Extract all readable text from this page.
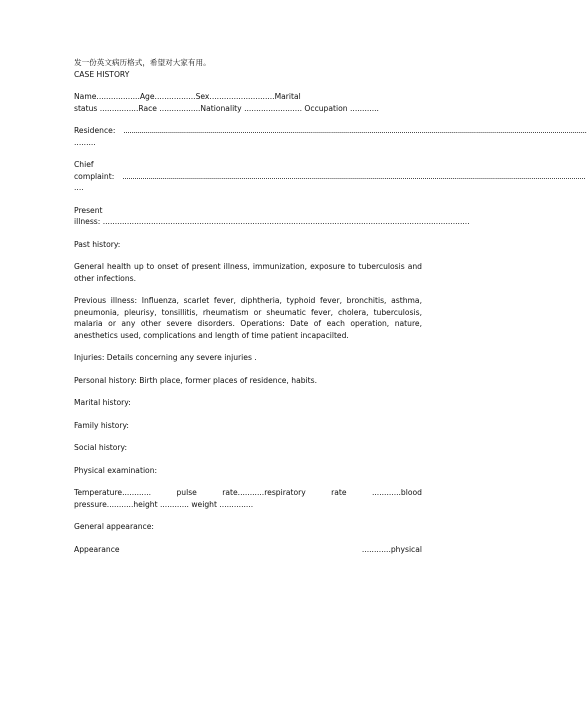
发一份英文病历格式，希望对大家有用。
CASE HISTORY
Name..................Age.................Sex...........................Marital
status ................Race .................Nationality ........................ Occupation ............
Residence:
.....
.........
Chief
complaint:
.....
....
Present
illness: ........................................................................................................................................................
Past history:

General health up to onset of present illness, immunization, exposure to tuberculosis and other infections.

Previous illness: Influenza, scarlet fever, diphtheria, typhoid fever, bronchitis, asthma, pneumonia, pleurisy, tonsillitis, rheumatism or sheumatic fever, cholera, tuberculosis, malaria or any other severe disorders. Operations: Date of each operation, nature, anesthetics used, complications and length of time patient incapacilted.

Injuries: Details concerning any severe injuries .
Personal history: Birth place, former places of residence, habits.
Marital history:
Family history:
Social history:
Physical examination:
Temperature............	pulse	rate...........respiratory	rate	............blood
pressure...........height ............ weight ..............
General appearance:
Appearance	............physical
